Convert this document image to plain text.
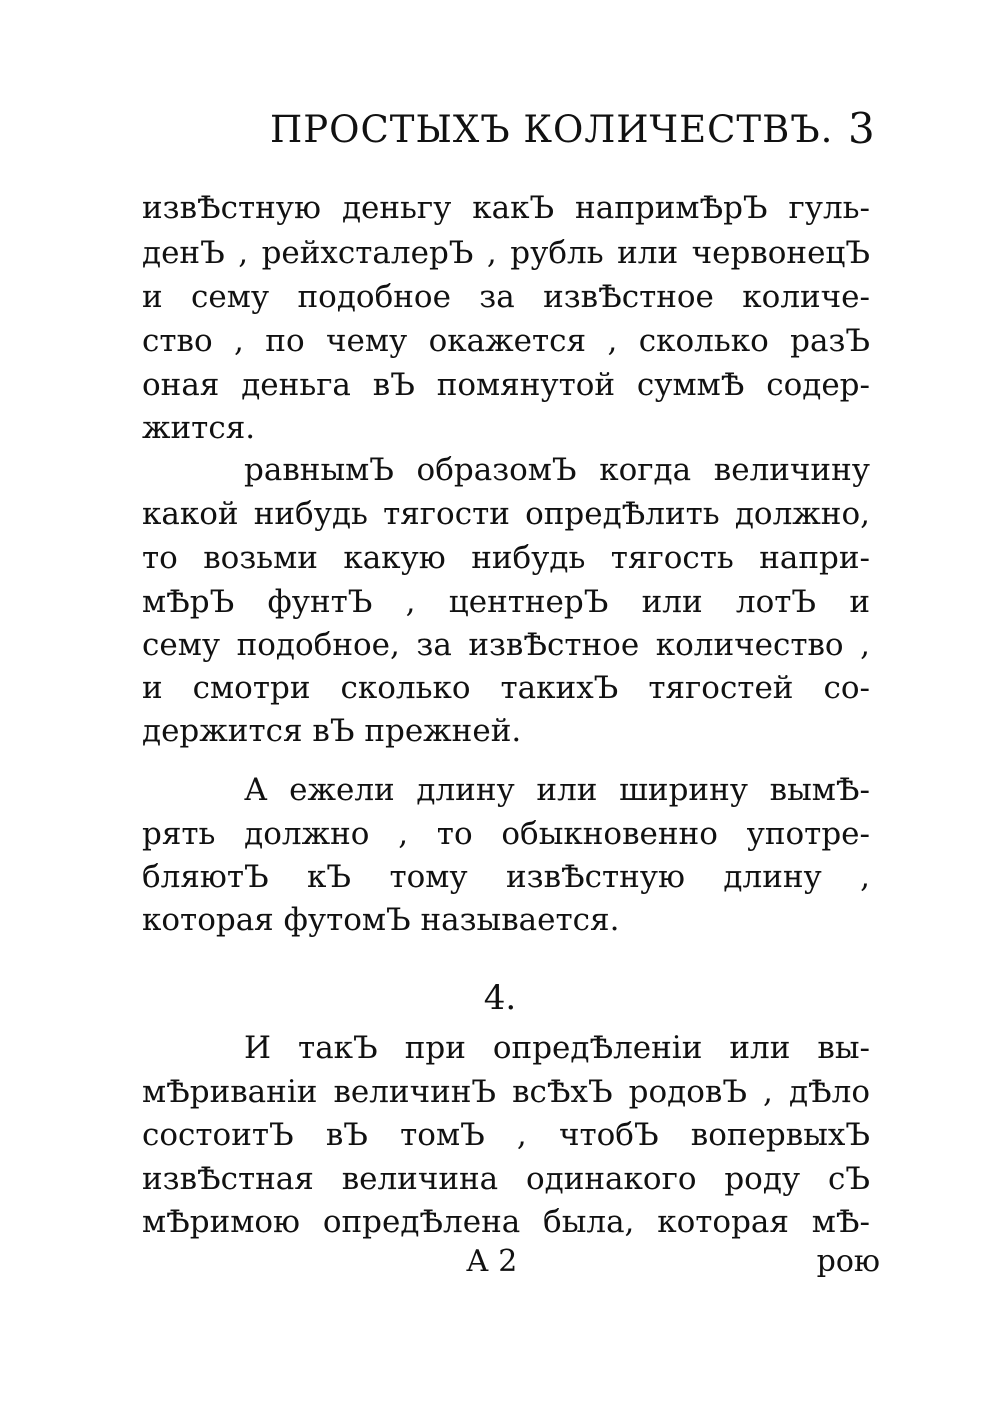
ПРОСТЫХЪ КОЛИЧЕСТВЪ. 3
извѢстную деньгу какЪ напримѢрЪ гуль-
денЪ , рейхсталерЪ , рубль или червонецЪ
и сему подобное за извѢстное количе-
ство , по чему окажется , сколько разЪ
оная деньга вЪ помянутой суммѢ содер-
жится.
равнымЪ образомЪ когда величину
какой нибудь тягости опредѢлить должно,
то возьми какую нибудь тягость напри-
мѢрЪ фунтЪ , центнерЪ или лотЪ и
сему подобное, за извѢстное количество ,
и смотри сколько такихЪ тягостей со-
держится вЪ прежней.
А ежели длину или ширину вымѢ-
рять должно , то обыкновенно употре-
бляютЪ кЪ тому извѢстную длину ,
которая футомЪ называется.
4.
И такЪ при опредѢленiи или вы-
мѢриванiи величинЪ всѢхЪ родовЪ , дѢло
состоитЪ вЪ томЪ , чтобЪ вопервыхЪ
извѢстная величина одинакого роду сЪ
мѢримою опредѢлена была, которая мѢ-
А 2	рою
